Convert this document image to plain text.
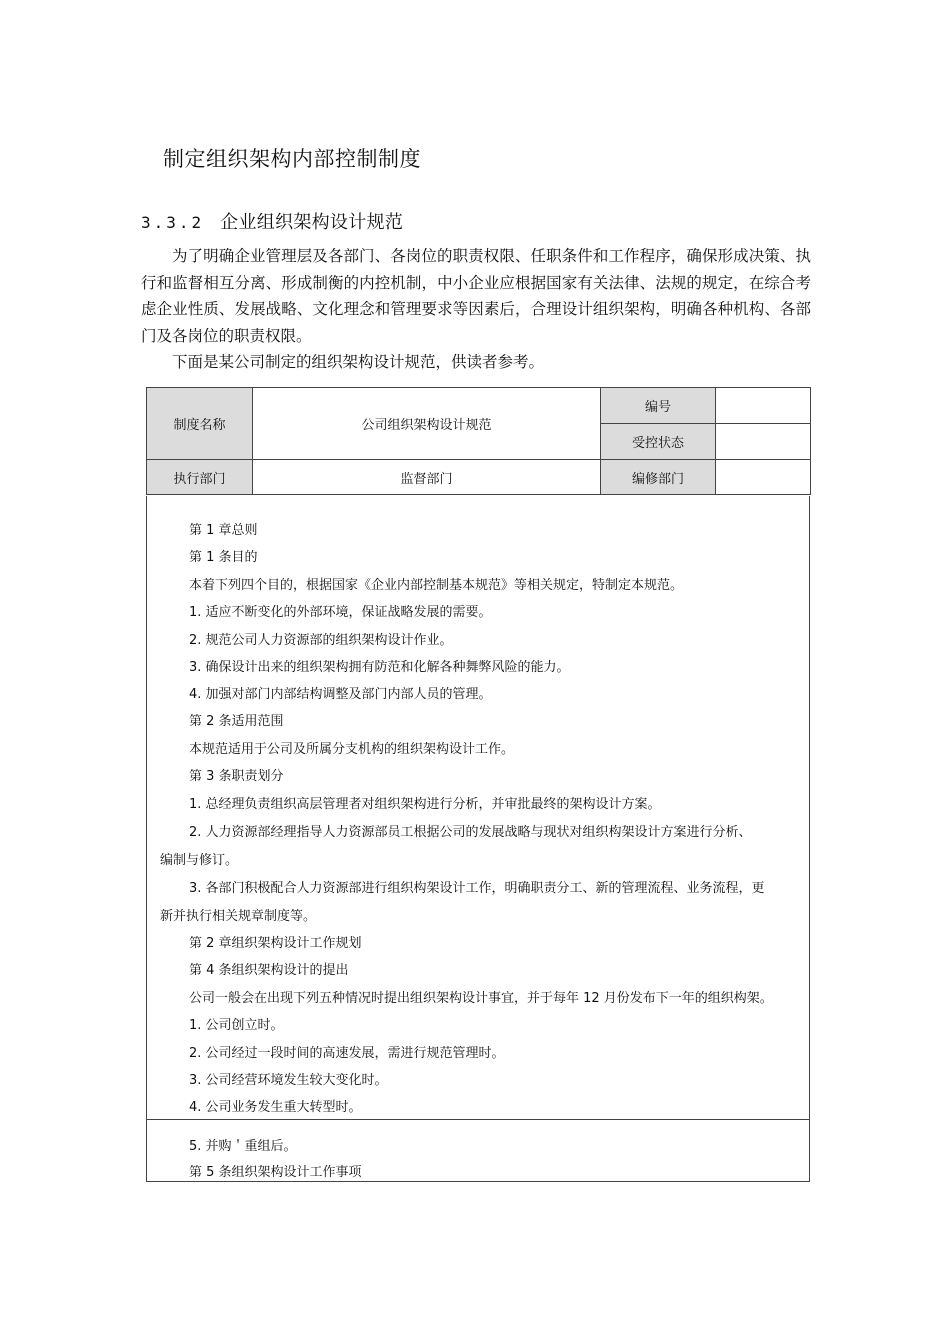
制定组织架构内部控制制度
3.3.2 企业组织架构设计规范

为了明确企业管理层及各部门、各岗位的职责权限、任职条件和工作程序，确保形成决策、执行和监督相互分离、形成制衡的内控机制，中小企业应根据国家有关法律、法规的规定，在综合考虑企业性质、发展战略、文化理念和管理要求等因素后，合理设计组织架构，明确各种机构、各部门及各岗位的职责权限。

下面是某公司制定的组织架构设计规范，供读者参考。

制度名称	公司组织架构设计规范	编号	
		受控状态	
执行部门	监督部门	编修部门	
第 1 章总则
第 1 条目的
本着下列四个目的，根据国家《企业内部控制基本规范》等相关规定，特制定本规范。
1. 适应不断变化的外部环境，保证战略发展的需要。
2. 规范公司人力资源部的组织架构设计作业。
3. 确保设计出来的组织架构拥有防范和化解各种舞弊风险的能力。
4. 加强对部门内部结构调整及部门内部人员的管理。
第 2 条适用范围
本规范适用于公司及所属分支机构的组织架构设计工作。
第 3 条职责划分
1. 总经理负责组织高层管理者对组织架构进行分析，并审批最终的架构设计方案。
2. 人力资源部经理指导人力资源部员工根据公司的发展战略与现状对组织构架设计方案进行分析、
编制与修订。
3. 各部门积极配合人力资源部进行组织构架设计工作，明确职责分工、新的管理流程、业务流程，更
新并执行相关规章制度等。
第 2 章组织架构设计工作规划
第 4 条组织架构设计的提出
公司一般会在出现下列五种情况时提出组织架构设计事宜，并于每年 12 月份发布下一年的组织构架。
1. 公司创立时。
2. 公司经过一段时间的高速发展，需进行规范管理时。
3. 公司经营环境发生较大变化时。
4. 公司业务发生重大转型时。
5. 并购＇重组后。
第 5 条组织架构设计工作事项
